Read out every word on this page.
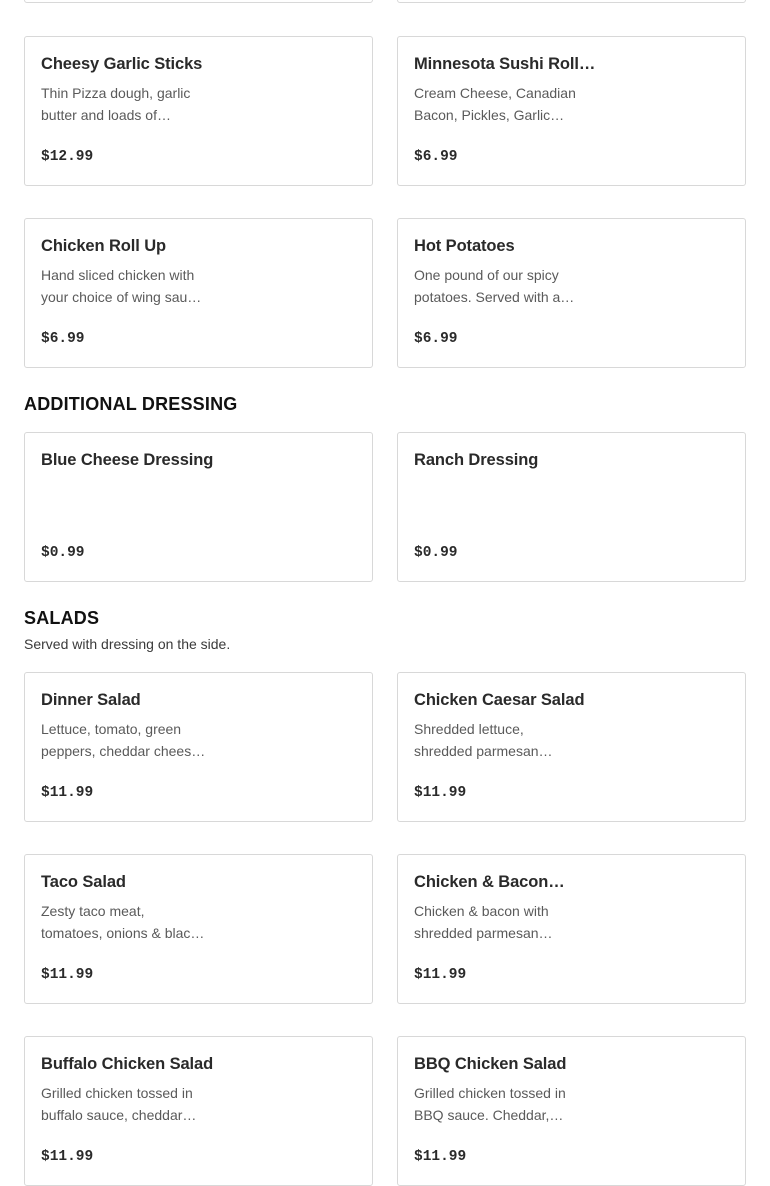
Cheesy Garlic Sticks
Thin Pizza dough, garlic
butter and loads of…
$12.99
Minnesota Sushi Roll…
Cream Cheese, Canadian
Bacon, Pickles, Garlic…
$6.99
Chicken Roll Up
Hand sliced chicken with
your choice of wing sau…
$6.99
Hot Potatoes
One pound of our spicy
potatoes. Served with a…
$6.99
ADDITIONAL DRESSING
Blue Cheese Dressing
$0.99
Ranch Dressing
$0.99
SALADS
Served with dressing on the side.
Dinner Salad
Lettuce, tomato, green
peppers, cheddar chees…
$11.99
Chicken Caesar Salad
Shredded lettuce,
shredded parmesan…
$11.99
Taco Salad
Zesty taco meat,
tomatoes, onions & blac…
$11.99
Chicken & Bacon…
Chicken & bacon with
shredded parmesan…
$11.99
Buffalo Chicken Salad
Grilled chicken tossed in
buffalo sauce, cheddar…
$11.99
BBQ Chicken Salad
Grilled chicken tossed in
BBQ sauce. Cheddar,…
$11.99
